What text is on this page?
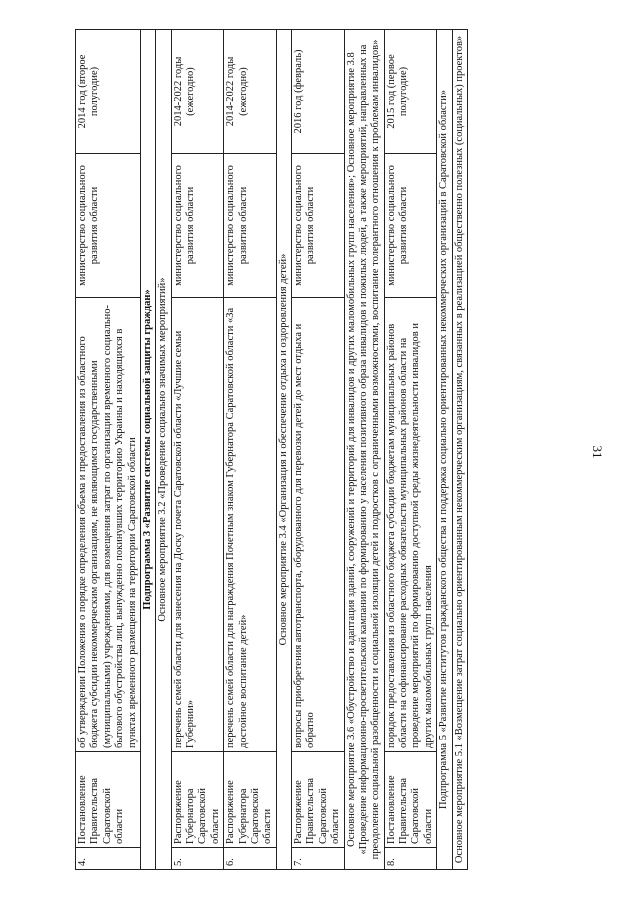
31
4.	Постановление Правительства Саратовской области	об утверждении Положения о порядке определения объема и предоставления из областного бюджета субсидии некоммерческим организациям, не являющимся государственными (муниципальными) учреждениями, для возмещения затрат по организации временного социально-бытового обустройства лиц, вынужденно покинувших территорию Украины и находящихся в пунктах временного размещения на территории Саратовской области	министерство социального развития области	2014 год (второе полугодие)
Подпрограмма 3 «Развитие системы социальной защиты граждан»				
Основное мероприятие 3.2 «Проведение социально значимых мероприятий»				
5.	Распоряжение Губернатора Саратовской области	перечень семей области для занесения на Доску почета Саратовской области «Лучшие семьи Губернии»	министерство социального развития области	2014-2022 годы (ежегодно)
6.	Распоряжение Губернатора Саратовской области	перечень семей области для награждения Почетным знаком Губернатора Саратовской области «За достойное воспитание детей»	министерство социального развития области	2014-2022 годы (ежегодно)
Основное мероприятие 3.4 «Организация и обеспечение отдыха и оздоровления детей»				
7.	Распоряжение Правительства Саратовской области	вопросы приобретения автотранспорта, оборудованного для перевозки детей до мест отдыха и обратно	министерство социального развития области	2016 год (февраль)
Основное мероприятие 3.6 «Обустройство и адаптация зданий, сооружений и территорий для инвалидов и других маломобильных групп населения»; Основное мероприятие 3.8 «Проведение информационно-просветительской кампании по формированию у населения позитивного образа инвалидов и пожилых людей, а также мероприятий, направленных на преодоление социальной разобщенности и социальной изоляции детей и подростков с ограниченными возможностями, воспитание толерантного отношения к проблемам инвалидов»				
8.	Постановление Правительства Саратовской области	порядок предоставления из областного бюджета субсидии бюджетам муниципальных районов области на софинансирование расходных обязательств муниципальных районов области на проведение мероприятий по формированию доступной среды жизнедеятельности инвалидов и других маломобильных групп населения	министерство социального развития области	2015 год (первое полугодие)
Подпрограмма 5 «Развитие институтов гражданского общества и поддержка социально ориентированных некоммерческих организаций в Саратовской области»				
Основное мероприятие 5.1 «Возмещение затрат социально ориентированным некоммерческим организациям, связанных в реализацией общественно полезных (социальных) проектов»				
